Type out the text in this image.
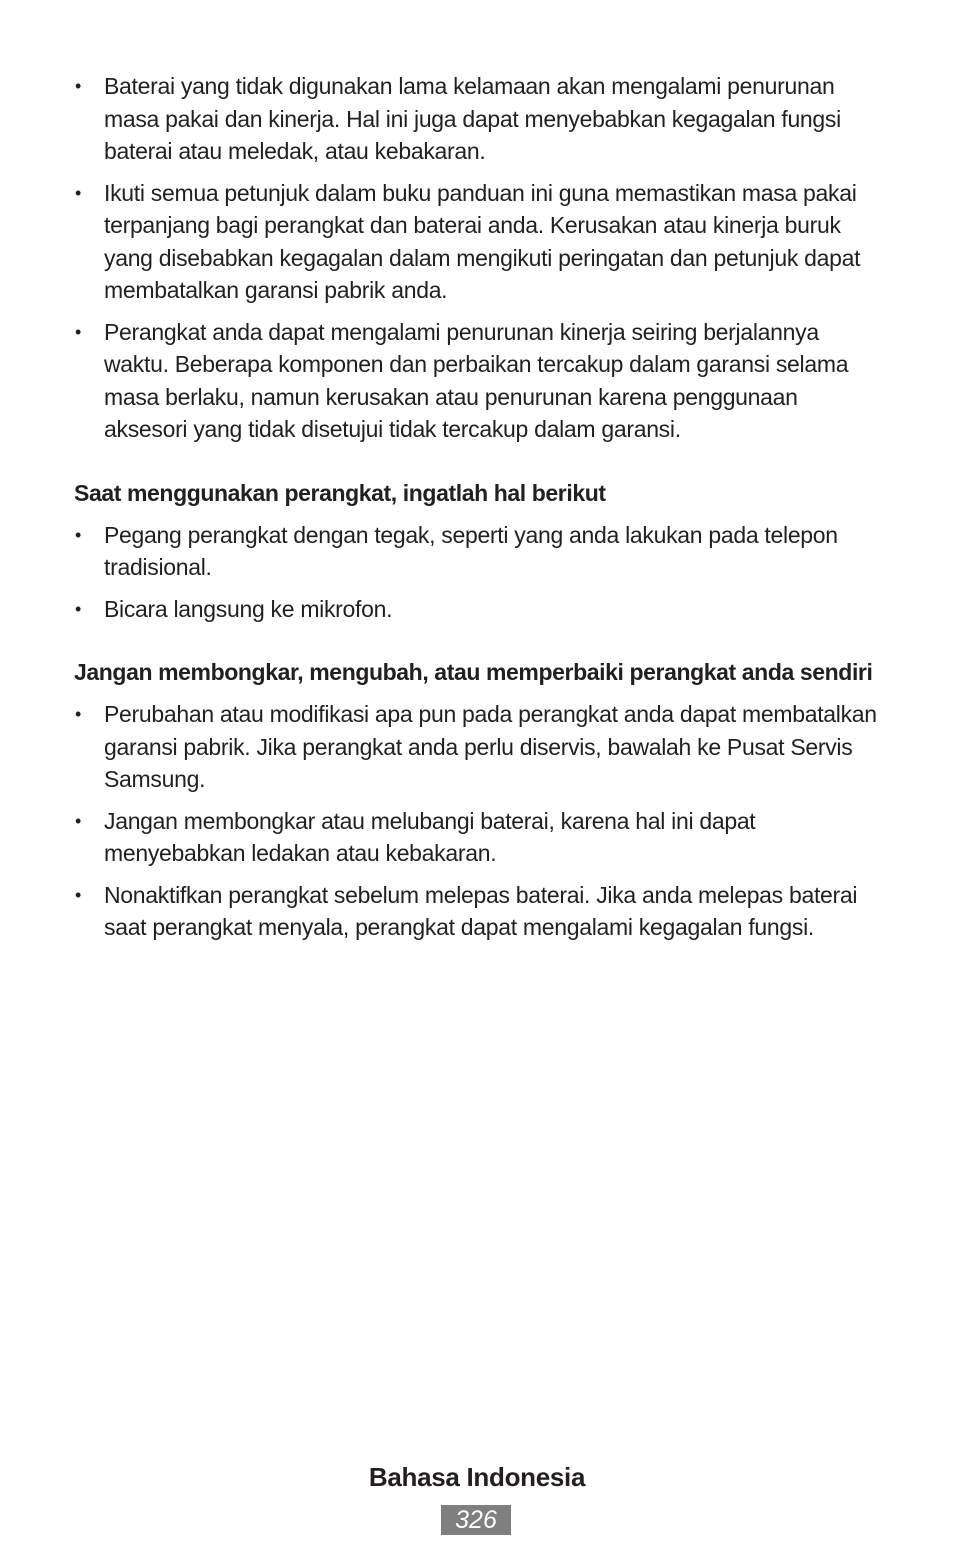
• Baterai yang tidak digunakan lama kelamaan akan mengalami penurunan masa pakai dan kinerja. Hal ini juga dapat menyebabkan kegagalan fungsi baterai atau meledak, atau kebakaran.
• Ikuti semua petunjuk dalam buku panduan ini guna memastikan masa pakai terpanjang bagi perangkat dan baterai anda. Kerusakan atau kinerja buruk yang disebabkan kegagalan dalam mengikuti peringatan dan petunjuk dapat membatalkan garansi pabrik anda.
• Perangkat anda dapat mengalami penurunan kinerja seiring berjalannya waktu. Beberapa komponen dan perbaikan tercakup dalam garansi selama masa berlaku, namun kerusakan atau penurunan karena penggunaan aksesori yang tidak disetujui tidak tercakup dalam garansi.
Saat menggunakan perangkat, ingatlah hal berikut
• Pegang perangkat dengan tegak, seperti yang anda lakukan pada telepon tradisional.
• Bicara langsung ke mikrofon.
Jangan membongkar, mengubah, atau memperbaiki perangkat anda sendiri
• Perubahan atau modifikasi apa pun pada perangkat anda dapat membatalkan garansi pabrik. Jika perangkat anda perlu diservis, bawalah ke Pusat Servis Samsung.
• Jangan membongkar atau melubangi baterai, karena hal ini dapat menyebabkan ledakan atau kebakaran.
• Nonaktifkan perangkat sebelum melepas baterai. Jika anda melepas baterai saat perangkat menyala, perangkat dapat mengalami kegagalan fungsi.
Bahasa Indonesia
326
